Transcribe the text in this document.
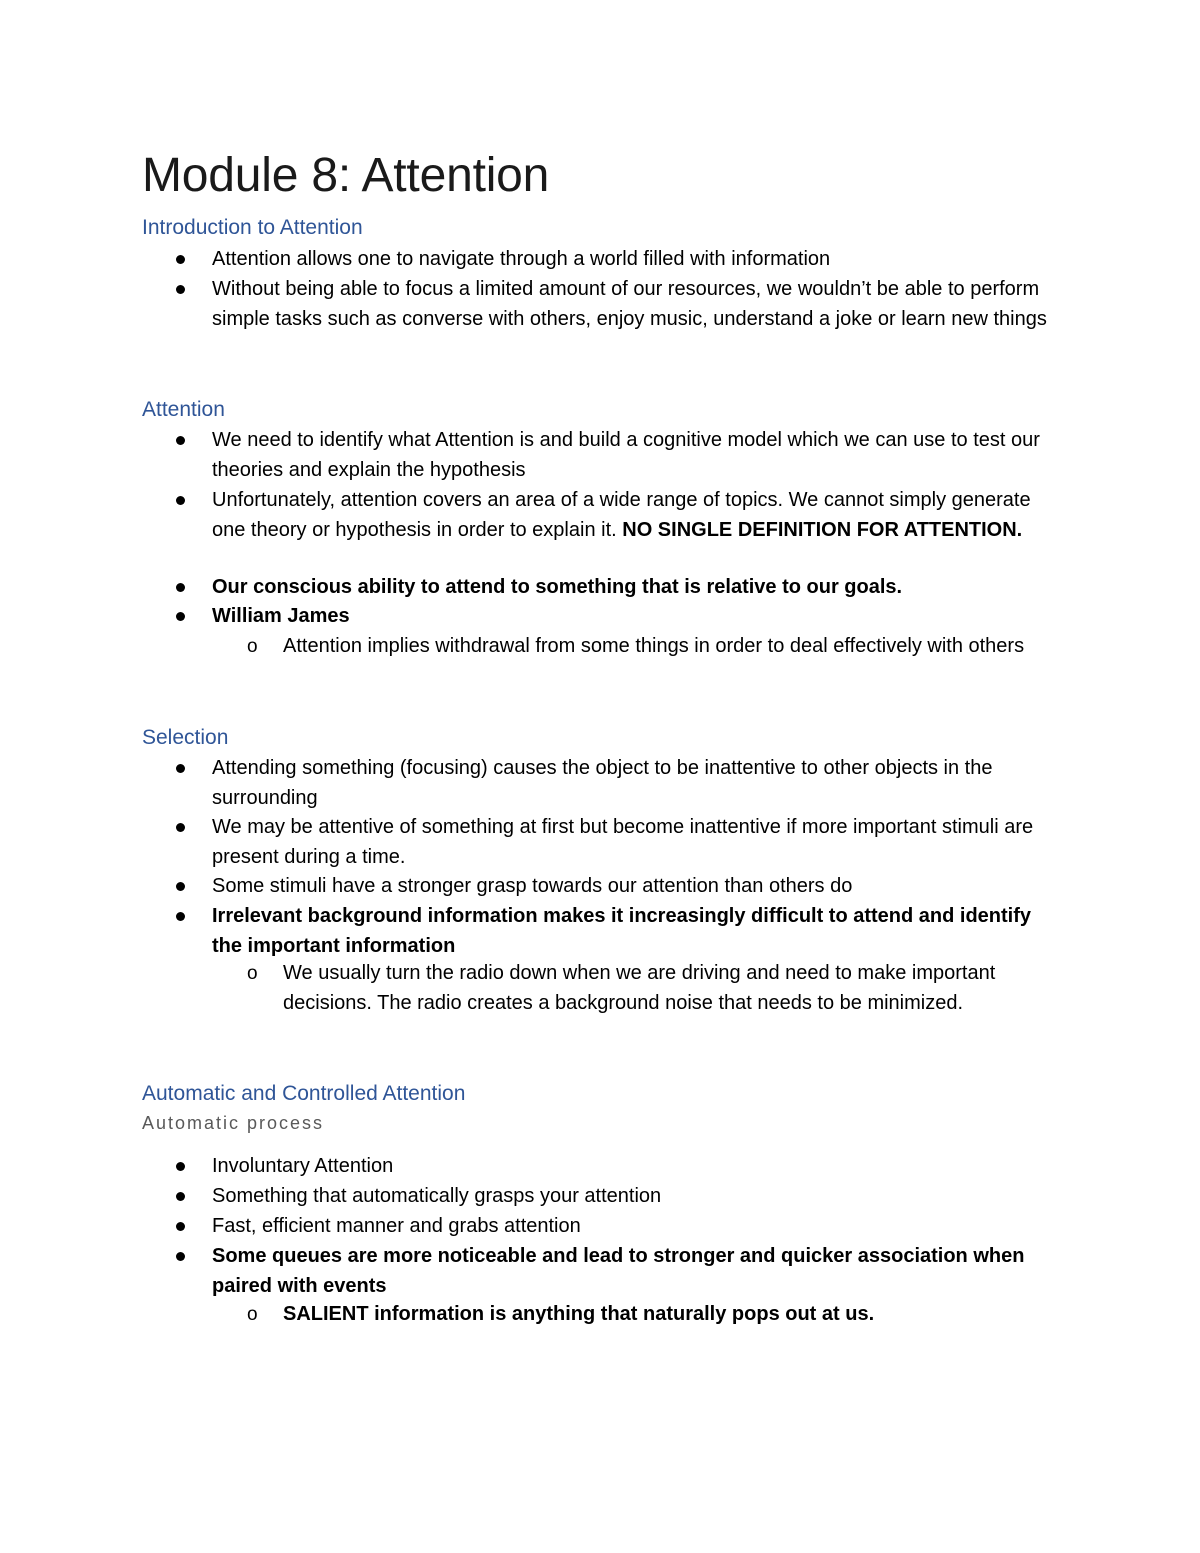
Module 8: Attention
Introduction to Attention
Attention allows one to navigate through a world filled with information
Without being able to focus a limited amount of our resources, we wouldn’t be able to perform simple tasks such as converse with others, enjoy music, understand a joke or learn new things
Attention
We need to identify what Attention is and build a cognitive model which we can use to test our theories and explain the hypothesis
Unfortunately, attention covers an area of a wide range of topics. We cannot simply generate one theory or hypothesis in order to explain it. NO SINGLE DEFINITION FOR ATTENTION.
Our conscious ability to attend to something that is relative to our goals.
William James
o Attention implies withdrawal from some things in order to deal effectively with others
Selection
Attending something (focusing) causes the object to be inattentive to other objects in the surrounding
We may be attentive of something at first but become inattentive if more important stimuli are present during a time.
Some stimuli have a stronger grasp towards our attention than others do
Irrelevant background information makes it increasingly difficult to attend and identify the important information
o We usually turn the radio down when we are driving and need to make important decisions. The radio creates a background noise that needs to be minimized.
Automatic and Controlled Attention
Automatic process
Involuntary Attention
Something that automatically grasps your attention
Fast, efficient manner and grabs attention
Some queues are more noticeable and lead to stronger and quicker association when paired with events
o SALIENT information is anything that naturally pops out at us.
